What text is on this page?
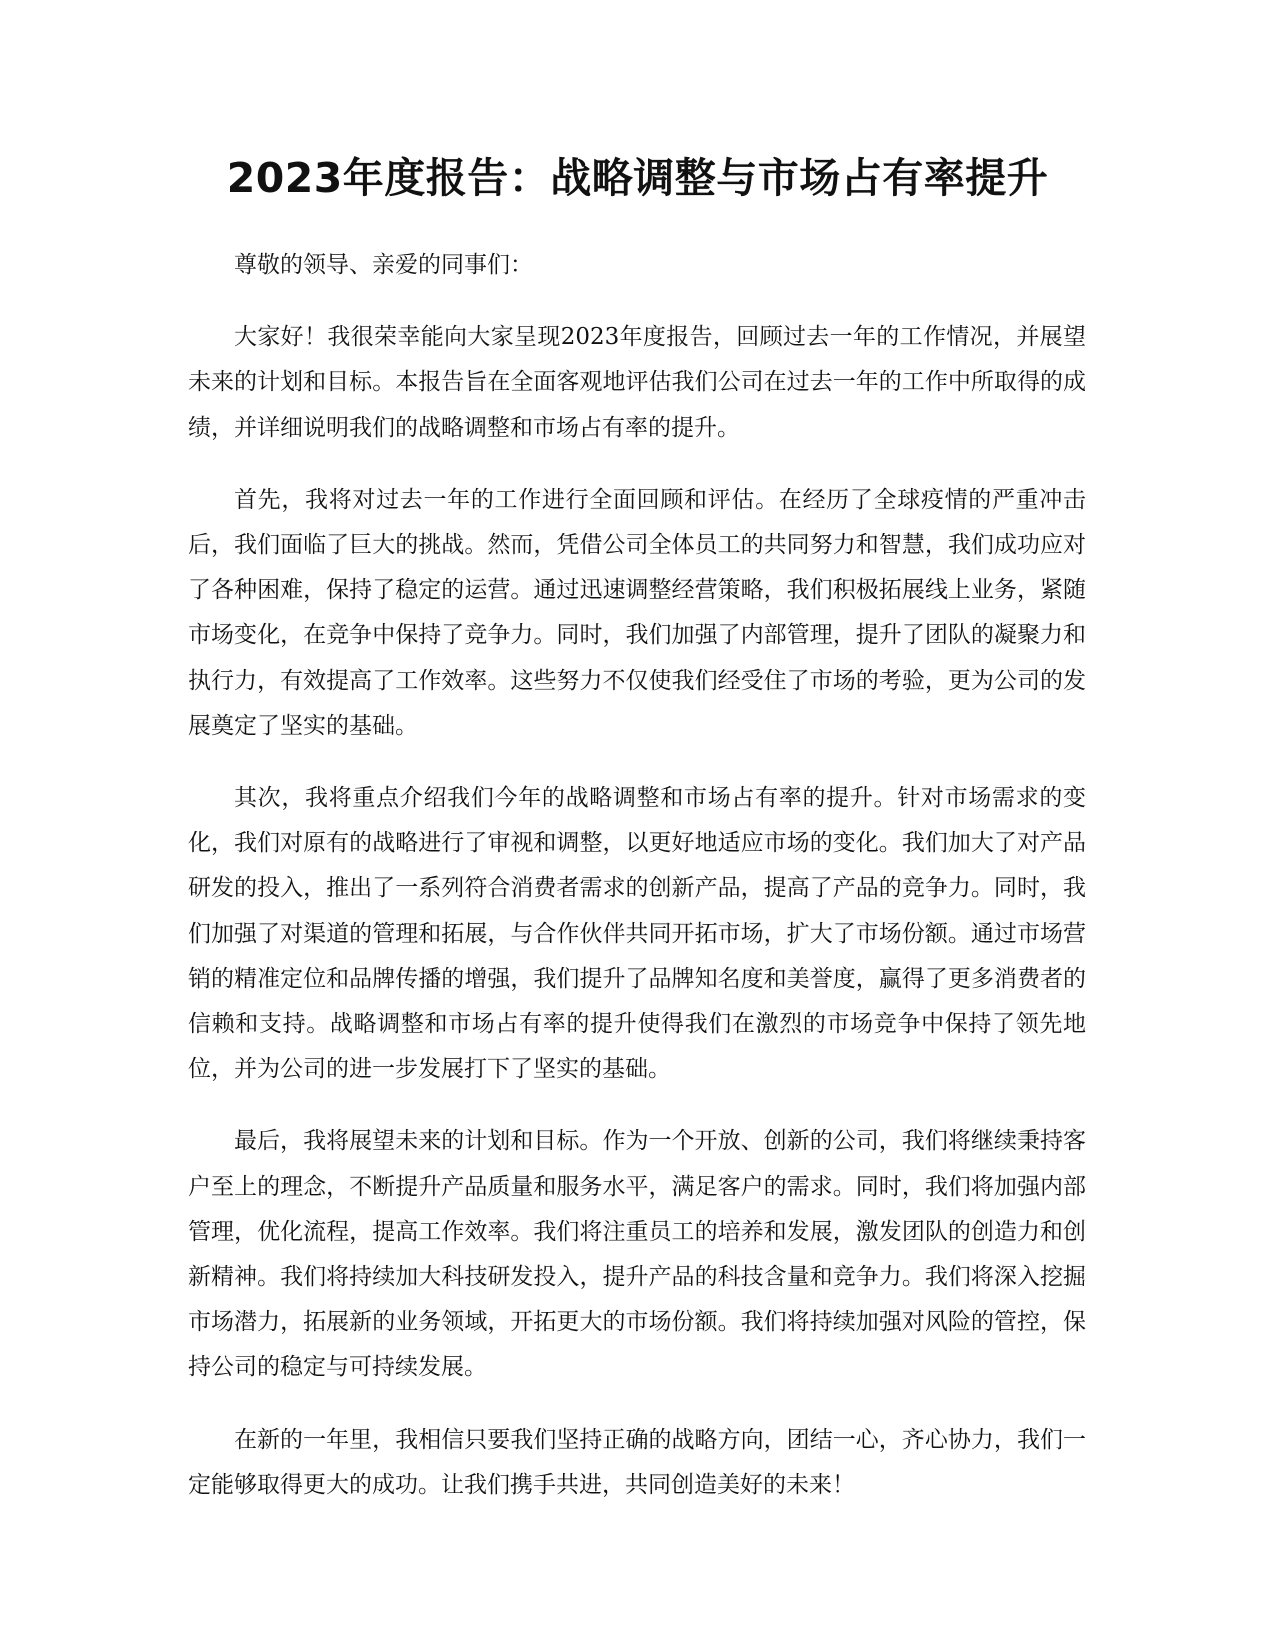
2023年度报告：战略调整与市场占有率提升

尊敬的领导、亲爱的同事们：

大家好！我很荣幸能向大家呈现2023年度报告，回顾过去一年的工作情况，并展望未来的计划和目标。本报告旨在全面客观地评估我们公司在过去一年的工作中所取得的成绩，并详细说明我们的战略调整和市场占有率的提升。

首先，我将对过去一年的工作进行全面回顾和评估。在经历了全球疫情的严重冲击后，我们面临了巨大的挑战。然而，凭借公司全体员工的共同努力和智慧，我们成功应对了各种困难，保持了稳定的运营。通过迅速调整经营策略，我们积极拓展线上业务，紧随市场变化，在竞争中保持了竞争力。同时，我们加强了内部管理，提升了团队的凝聚力和执行力，有效提高了工作效率。这些努力不仅使我们经受住了市场的考验，更为公司的发展奠定了坚实的基础。

其次，我将重点介绍我们今年的战略调整和市场占有率的提升。针对市场需求的变化，我们对原有的战略进行了审视和调整，以更好地适应市场的变化。我们加大了对产品研发的投入，推出了一系列符合消费者需求的创新产品，提高了产品的竞争力。同时，我们加强了对渠道的管理和拓展，与合作伙伴共同开拓市场，扩大了市场份额。通过市场营销的精准定位和品牌传播的增强，我们提升了品牌知名度和美誉度，赢得了更多消费者的信赖和支持。战略调整和市场占有率的提升使得我们在激烈的市场竞争中保持了领先地位，并为公司的进一步发展打下了坚实的基础。

最后，我将展望未来的计划和目标。作为一个开放、创新的公司，我们将继续秉持客户至上的理念，不断提升产品质量和服务水平，满足客户的需求。同时，我们将加强内部管理，优化流程，提高工作效率。我们将注重员工的培养和发展，激发团队的创造力和创新精神。我们将持续加大科技研发投入，提升产品的科技含量和竞争力。我们将深入挖掘市场潜力，拓展新的业务领域，开拓更大的市场份额。我们将持续加强对风险的管控，保持公司的稳定与可持续发展。

在新的一年里，我相信只要我们坚持正确的战略方向，团结一心，齐心协力，我们一定能够取得更大的成功。让我们携手共进，共同创造美好的未来！
